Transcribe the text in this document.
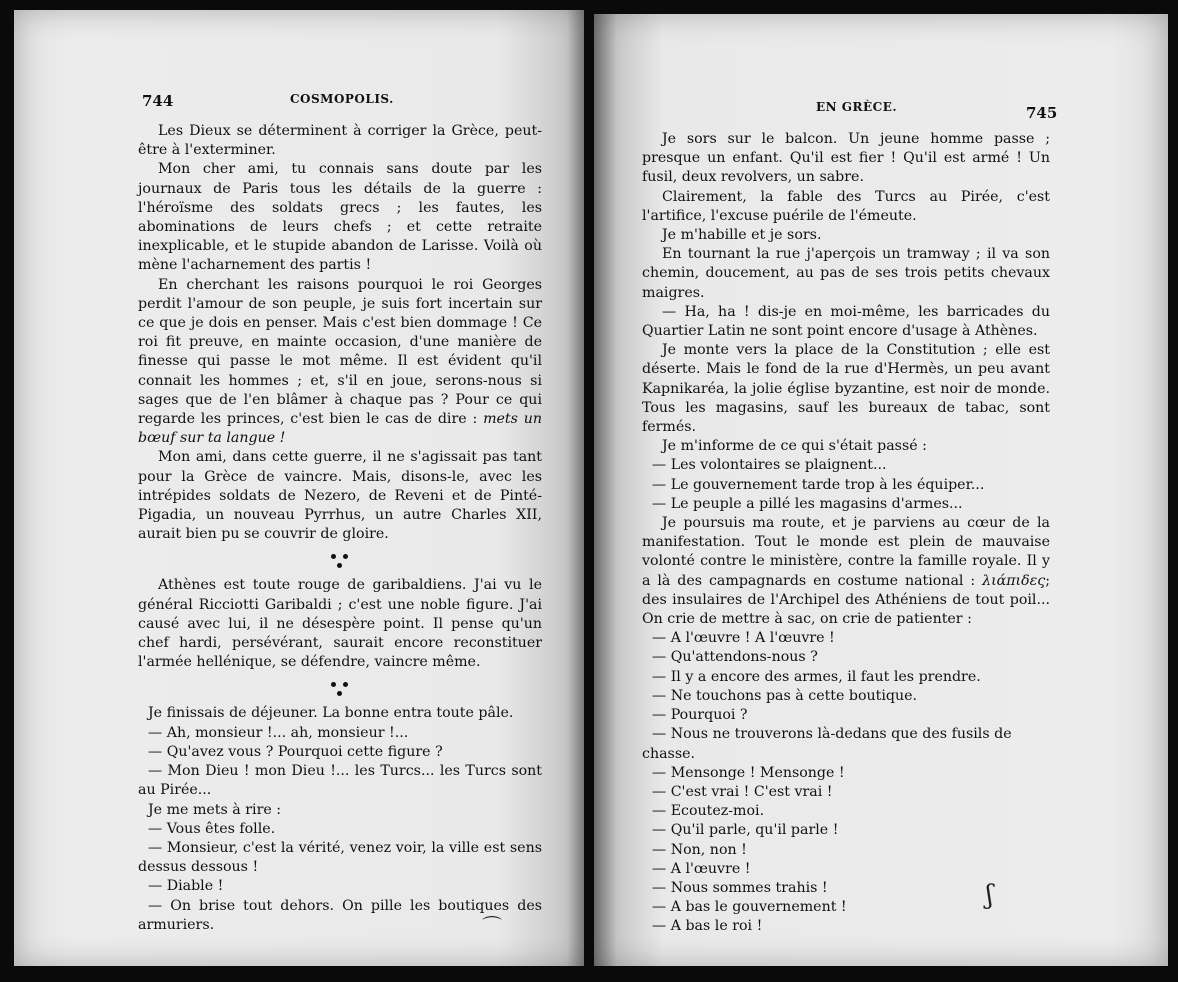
744	COSMOPOLIS.

Les Dieux se déterminent à corriger la Grèce, peut-être à l'exterminer.

Mon cher ami, tu connais sans doute par les journaux de Paris tous les détails de la guerre : l'héroïsme des soldats grecs ; les fautes, les abominations de leurs chefs ; et cette retraite inexplicable, et le stupide abandon de Larisse. Voilà où mène l'acharnement des partis !

En cherchant les raisons pourquoi le roi Georges perdit l'amour de son peuple, je suis fort incertain sur ce que je dois en penser. Mais c'est bien dommage ! Ce roi fit preuve, en mainte occasion, d'une manière de finesse qui passe le mot même. Il est évident qu'il connait les hommes ; et, s'il en joue, serons-nous si sages que de l'en blâmer à chaque pas ? Pour ce qui regarde les princes, c'est bien le cas de dire : mets un bœuf sur ta langue !

Mon ami, dans cette guerre, il ne s'agissait pas tant pour la Grèce de vaincre. Mais, disons-le, avec les intrépides soldats de Nezero, de Reveni et de Pinté-Pigadia, un nouveau Pyrrhus, un autre Charles XII, aurait bien pu se couvrir de gloire.

Athènes est toute rouge de garibaldiens. J'ai vu le général Ricciotti Garibaldi ; c'est une noble figure. J'ai causé avec lui, il ne désespère point. Il pense qu'un chef hardi, persévérant, saurait encore reconstituer l'armée hellénique, se défendre, vaincre même.

Je finissais de déjeuner. La bonne entra toute pâle.

— Ah, monsieur !... ah, monsieur !...

— Qu'avez vous ? Pourquoi cette figure ?

— Mon Dieu ! mon Dieu !... les Turcs... les Turcs sont au Pirée...

Je me mets à rire :

— Vous êtes folle.

— Monsieur, c'est la vérité, venez voir, la ville est sens dessus dessous !

— Diable !

— On brise tout dehors. On pille les boutiques des armuriers.	⌒
EN GRÈCE.	745

Je sors sur le balcon. Un jeune homme passe ; presque un enfant. Qu'il est fier ! Qu'il est armé ! Un fusil, deux revolvers, un sabre.

Clairement, la fable des Turcs au Pirée, c'est l'artifice, l'excuse puérile de l'émeute.

Je m'habille et je sors.

En tournant la rue j'aperçois un tramway ; il va son chemin, doucement, au pas de ses trois petits chevaux maigres.

— Ha, ha ! dis-je en moi-même, les barricades du Quartier Latin ne sont point encore d'usage à Athènes.

Je monte vers la place de la Constitution ; elle est déserte. Mais le fond de la rue d'Hermès, un peu avant Kapnikaréa, la jolie église byzantine, est noir de monde. Tous les magasins, sauf les bureaux de tabac, sont fermés.

Je m'informe de ce qui s'était passé :

— Les volontaires se plaignent...

— Le gouvernement tarde trop à les équiper...

— Le peuple a pillé les magasins d'armes...

Je poursuis ma route, et je parviens au cœur de la manifestation. Tout le monde est plein de mauvaise volonté contre le ministère, contre la famille royale. Il y a là des campagnards en costume national : λιάπιδες; des insulaires de l'Archipel des Athéniens de tout poil... On crie de mettre à sac, on crie de patienter :

— A l'œuvre ! A l'œuvre !

— Qu'attendons-nous ?

— Il y a encore des armes, il faut les prendre.

— Ne touchons pas à cette boutique.

— Pourquoi ?

— Nous ne trouverons là-dedans que des fusils de chasse.

— Mensonge ! Mensonge !

— C'est vrai ! C'est vrai !

— Ecoutez-moi.

— Qu'il parle, qu'il parle !

— Non, non !

— A l'œuvre !

— Nous sommes trahis !

— A bas le gouvernement !

— A bas le roi !

ʃ
